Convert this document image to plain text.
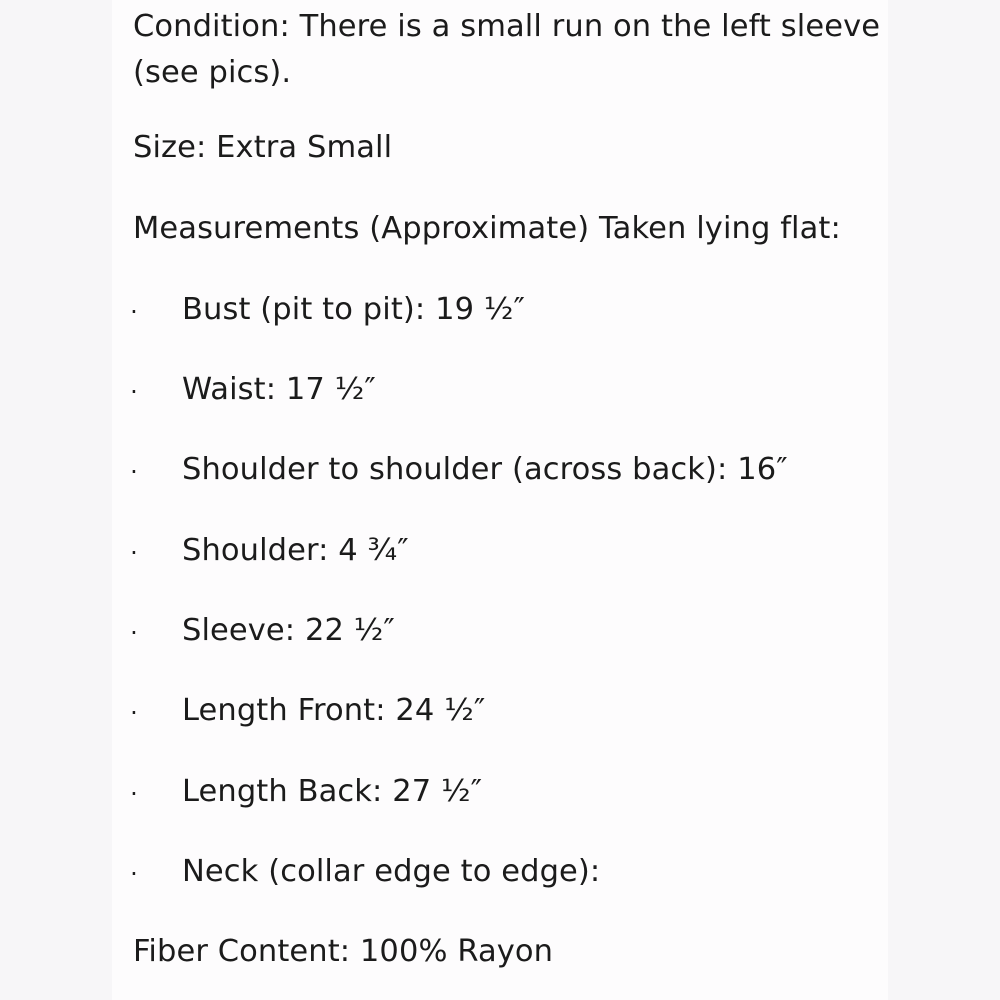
Condition: There is a small run on the left sleeve
(see pics).
Size: Extra Small
Measurements (Approximate) Taken lying flat:
· Bust (pit to pit): 19 ½″
· Waist: 17 ½″
· Shoulder to shoulder (across back): 16″
· Shoulder: 4 ¾″
· Sleeve: 22 ½″
· Length Front: 24 ½″
· Length Back: 27 ½″
· Neck (collar edge to edge):
Fiber Content: 100% Rayon
